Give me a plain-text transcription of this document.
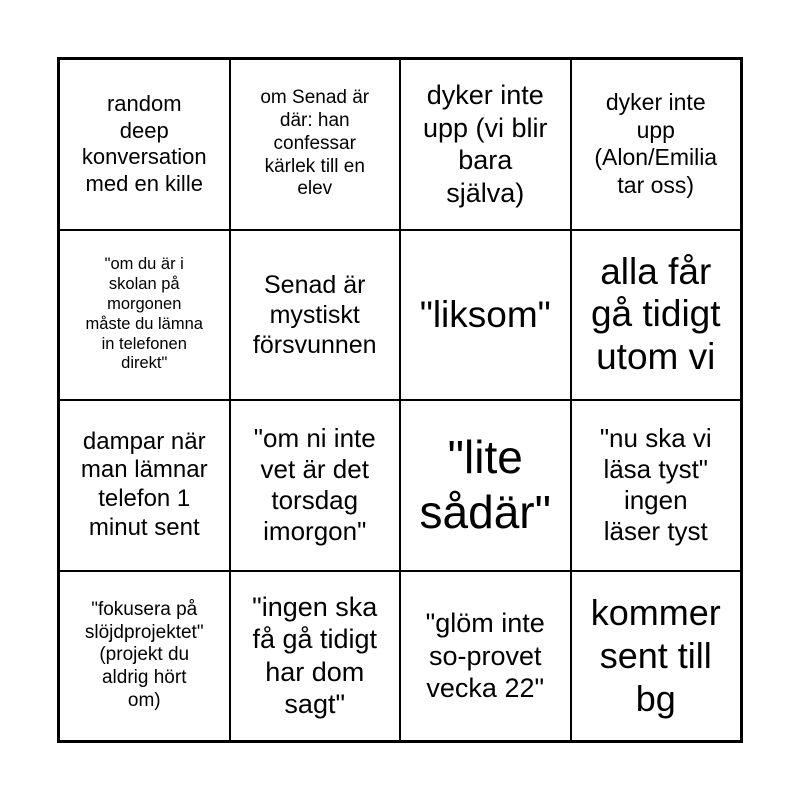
random
deep
konversation
med en kille
om Senad är
där: han
confessar
kärlek till en
elev
dyker inte
upp (vi blir
bara
själva)
dyker inte
upp
(Alon/Emilia
tar oss)
"om du är i
skolan på
morgonen
måste du lämna
in telefonen
direkt"
Senad är
mystiskt
försvunnen
"liksom"
alla får
gå tidigt
utom vi
dampar när
man lämnar
telefon 1
minut sent
"om ni inte
vet är det
torsdag
imorgon"
"lite
sådär"
"nu ska vi
läsa tyst"
ingen
läser tyst
"fokusera på
slöjdprojektet"
(projekt du
aldrig hört
om)
"ingen ska
få gå tidigt
har dom
sagt"
"glöm inte
so-provet
vecka 22"
kommer
sent till
bg
